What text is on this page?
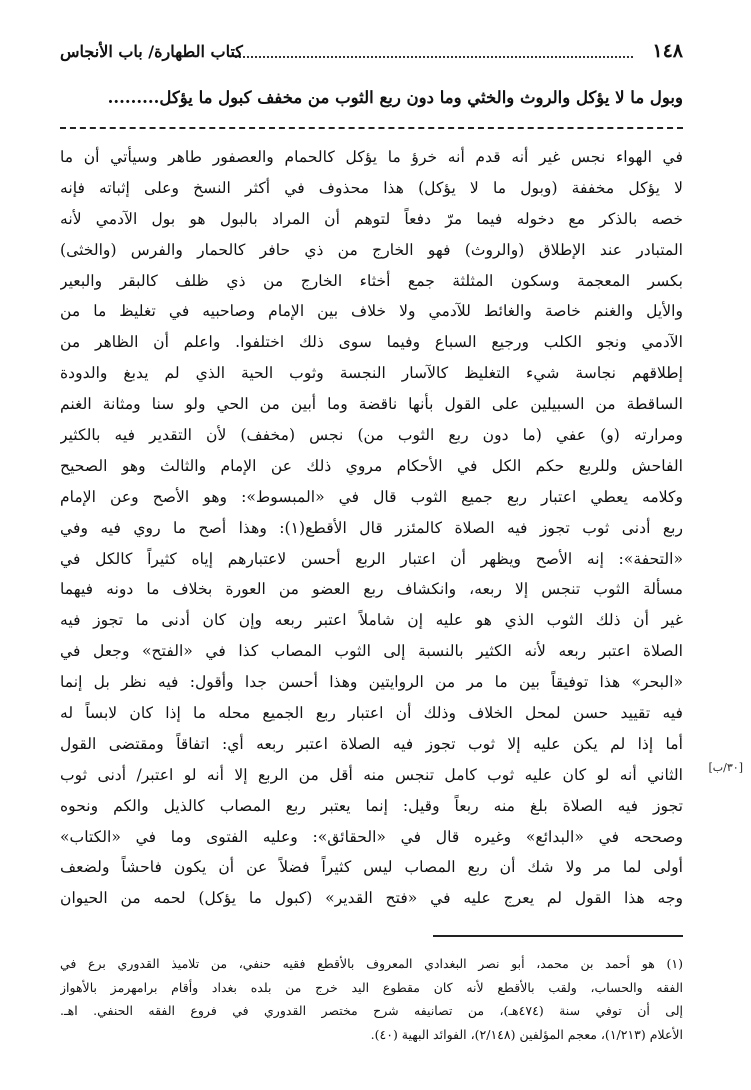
١٤٨
كتاب الطهارة/ باب الأنجاس
وبول ما لا يؤكل والروث والخثي وما دون ربع الثوب من مخفف كبول ما يؤكل.........
في الهواء نجس غير أنه قدم أنه خرؤ ما يؤكل كالحمام والعصفور طاهر وسيأتي أن ما
لا يؤكل مخففة (وبول ما لا يؤكل) هذا محذوف في أكثر النسخ وعلى إثباته فإنه
خصه بالذكر مع دخوله فيما مرّ دفعاً لتوهم أن المراد بالبول هو بول الآدمي لأنه
المتبادر عند الإطلاق (والروث) فهو الخارج من ذي حافر كالحمار والفرس (والخثى)
بكسر المعجمة وسكون المثلثة جمع أخثاء الخارج من ذي ظلف كالبقر والبعير
والأيل والغنم خاصة والغائط للآدمي ولا خلاف بين الإمام وصاحبيه في تغليظ ما من
الآدمي ونجو الكلب ورجيع السباع وفيما سوى ذلك اختلفوا. واعلم أن الظاهر من
إطلاقهم نجاسة شيء التغليظ كالآسار النجسة وثوب الحية الذي لم يدبغ والدودة
الساقطة من السبيلين على القول بأنها ناقضة وما أبين من الحي ولو سنا ومثانة الغنم
ومرارته (و) عفي (ما دون ربع الثوب من) نجس (مخفف) لأن التقدير فيه بالكثير
الفاحش وللربع حكم الكل في الأحكام مروي ذلك عن الإمام والثالث وهو الصحيح
وكلامه يعطي اعتبار ربع جميع الثوب قال في «المبسوط»: وهو الأصح وعن الإمام
ربع أدنى ثوب تجوز فيه الصلاة كالمئزر قال الأقطع(١): وهذا أصح ما روي فيه وفي
«التحفة»: إنه الأصح ويظهر أن اعتبار الربع أحسن لاعتبارهم إياه كثيراً كالكل في
مسألة الثوب تنجس إلا ربعه، وانكشاف ربع العضو من العورة بخلاف ما دونه فيهما
غير أن ذلك الثوب الذي هو عليه إن شاملاً اعتبر ربعه وإن كان أدنى ما تجوز فيه
الصلاة اعتبر ربعه لأنه الكثير بالنسبة إلى الثوب المصاب كذا في «الفتح» وجعل في
«البحر» هذا توفيقاً بين ما مر من الروايتين وهذا أحسن جدا وأقول: فيه نظر بل إنما
فيه تقييد حسن لمحل الخلاف وذلك أن اعتبار ربع الجميع محله ما إذا كان لابساً له
أما إذا لم يكن عليه إلا ثوب تجوز فيه الصلاة اعتبر ربعه أي: اتفاقاً ومقتضى القول
الثاني أنه لو كان عليه ثوب كامل تنجس منه أقل من الربع إلا أنه لو اعتبر/ أدنى ثوب
تجوز فيه الصلاة بلغ منه ربعاً وقيل: إنما يعتبر ربع المصاب كالذيل والكم ونحوه
وصححه في «البدائع» وغيره قال في «الحقائق»: وعليه الفتوى وما في «الكتاب»
أولى لما مر ولا شك أن ربع المصاب ليس كثيراً فضلاً عن أن يكون فاحشاً ولضعف
وجه هذا القول لم يعرج عليه في «فتح القدير» (كبول ما يؤكل) لحمه من الحيوان
[٣٠/ب]
(١) هو أحمد بن محمد، أبو نصر البغدادي المعروف بالأقطع فقيه حنفي، من تلاميذ القدوري برع في
الفقه والحساب، ولقب بالأقطع لأنه كان مقطوع اليد خرج من بلده بغداد وأقام برامهرمز بالأهواز
إلى أن توفي سنة (٤٧٤هـ)، من تصانيفه شرح مختصر القدوري في فروع الفقه الحنفي. اهـ.
الأعلام (١/٢١٣)، معجم المؤلفين (٢/١٤٨)، الفوائد البهية (٤٠).
